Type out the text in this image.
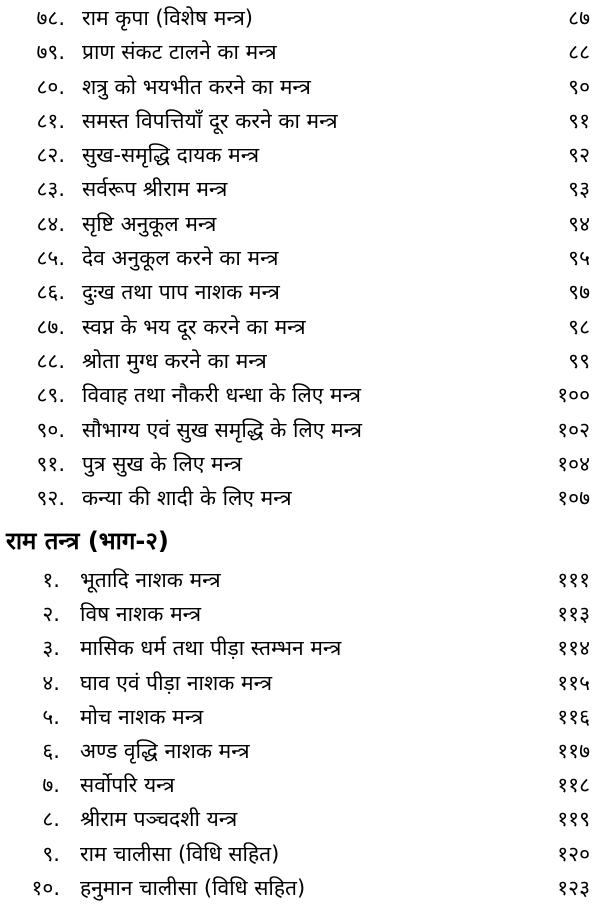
७८. राम कृपा (विशेष मन्त्र)	८७
७९. प्राण संकट टालने का मन्त्र	८८
८०. शत्रु को भयभीत करने का मन्त्र	९०
८१. समस्त विपत्तियाँ दूर करने का मन्त्र	९१
८२. सुख-समृद्धि दायक मन्त्र	९२
८३. सर्वरूप श्रीराम मन्त्र	९३
८४. सृष्टि अनुकूल मन्त्र	९४
८५. देव अनुकूल करने का मन्त्र	९५
८६. दुःख तथा पाप नाशक मन्त्र	९७
८७. स्वप्न के भय दूर करने का मन्त्र	९८
८८. श्रोता मुग्ध करने का मन्त्र	९९
८९. विवाह तथा नौकरी धन्धा के लिए मन्त्र	१००
९०. सौभाग्य एवं सुख समृद्धि के लिए मन्त्र	१०२
९१. पुत्र सुख के लिए मन्त्र	१०४
९२. कन्या की शादी के लिए मन्त्र	१०७
राम तन्त्र (भाग-२)
१. भूतादि नाशक मन्त्र	१११
२. विष नाशक मन्त्र	११३
३. मासिक धर्म तथा पीड़ा स्तम्भन मन्त्र	११४
४. घाव एवं पीड़ा नाशक मन्त्र	११५
५. मोच नाशक मन्त्र	११६
६. अण्ड वृद्धि नाशक मन्त्र	११७
७. सर्वोपरि यन्त्र	११८
८. श्रीराम पञ्चदशी यन्त्र	११९
९. राम चालीसा (विधि सहित)	१२०
१०. हनुमान चालीसा (विधि सहित)	१२३
